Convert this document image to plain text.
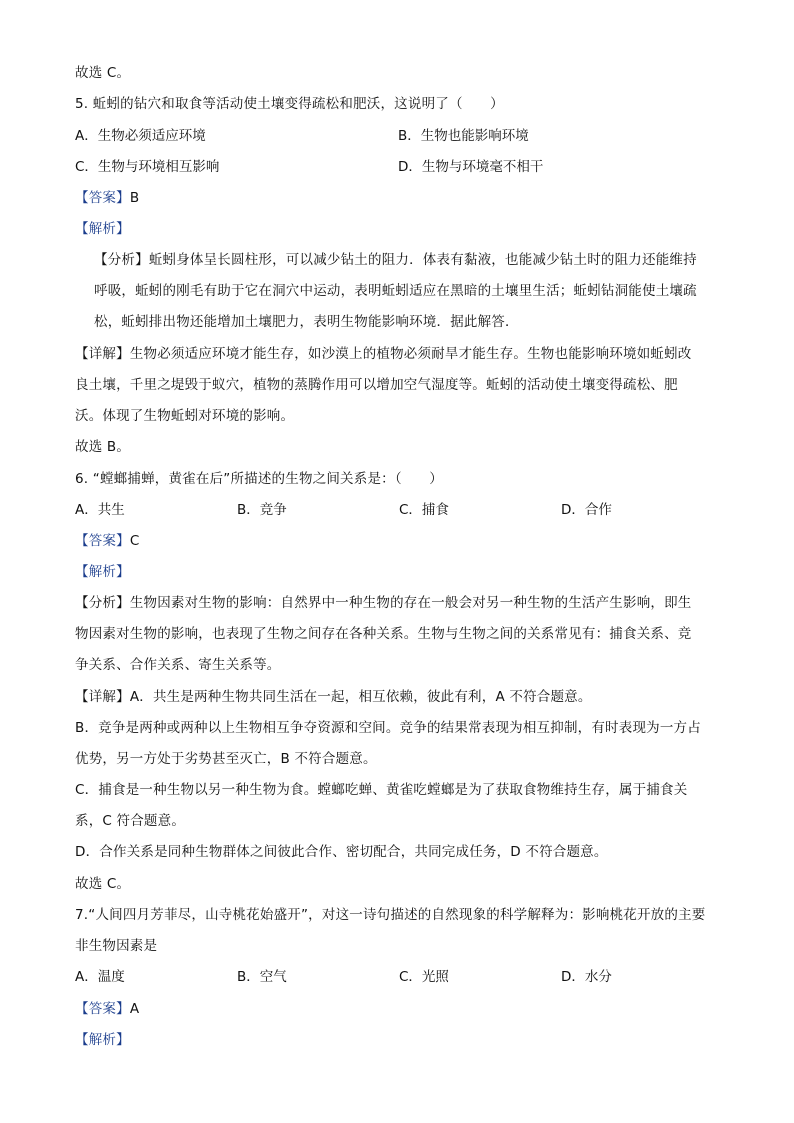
故选 C。
5. 蚯蚓的钻穴和取食等活动使土壤变得疏松和肥沃，这说明了（　　）
A．生物必须适应环境	B．生物也能影响环境
C．生物与环境相互影响	D．生物与环境毫不相干
【答案】B
【解析】
【分析】蚯蚓身体呈长圆柱形，可以减少钻土的阻力．体表有黏液，也能减少钻土时的阻力还能维持
呼吸，蚯蚓的刚毛有助于它在洞穴中运动，表明蚯蚓适应在黑暗的土壤里生活；蚯蚓钻洞能使土壤疏
松，蚯蚓排出物还能增加土壤肥力，表明生物能影响环境．据此解答．
【详解】生物必须适应环境才能生存，如沙漠上的植物必须耐旱才能生存。生物也能影响环境如蚯蚓改
良土壤，千里之堤毁于蚁穴，植物的蒸腾作用可以增加空气湿度等。蚯蚓的活动使土壤变得疏松、肥
沃。体现了生物蚯蚓对环境的影响。
故选 B。
6. “螳螂捕蝉，黄雀在后”所描述的生物之间关系是：（　　）
A．共生	B．竞争	C．捕食	D．合作
【答案】C
【解析】
【分析】生物因素对生物的影响：自然界中一种生物的存在一般会对另一种生物的生活产生影响，即生
物因素对生物的影响，也表现了生物之间存在各种关系。生物与生物之间的关系常见有：捕食关系、竞
争关系、合作关系、寄生关系等。
【详解】A．共生是两种生物共同生活在一起，相互依赖，彼此有利，A 不符合题意。
B．竞争是两种或两种以上生物相互争夺资源和空间。竞争的结果常表现为相互抑制，有时表现为一方占
优势，另一方处于劣势甚至灭亡，B 不符合题意。
C．捕食是一种生物以另一种生物为食。螳螂吃蝉、黄雀吃螳螂是为了获取食物维持生存，属于捕食关
系，C 符合题意。
D．合作关系是同种生物群体之间彼此合作、密切配合，共同完成任务，D 不符合题意。
故选 C。
7.“人间四月芳菲尽，山寺桃花始盛开”，对这一诗句描述的自然现象的科学解释为：影响桃花开放的主要
非生物因素是
A．温度	B．空气	C．光照	D．水分
【答案】A
【解析】
